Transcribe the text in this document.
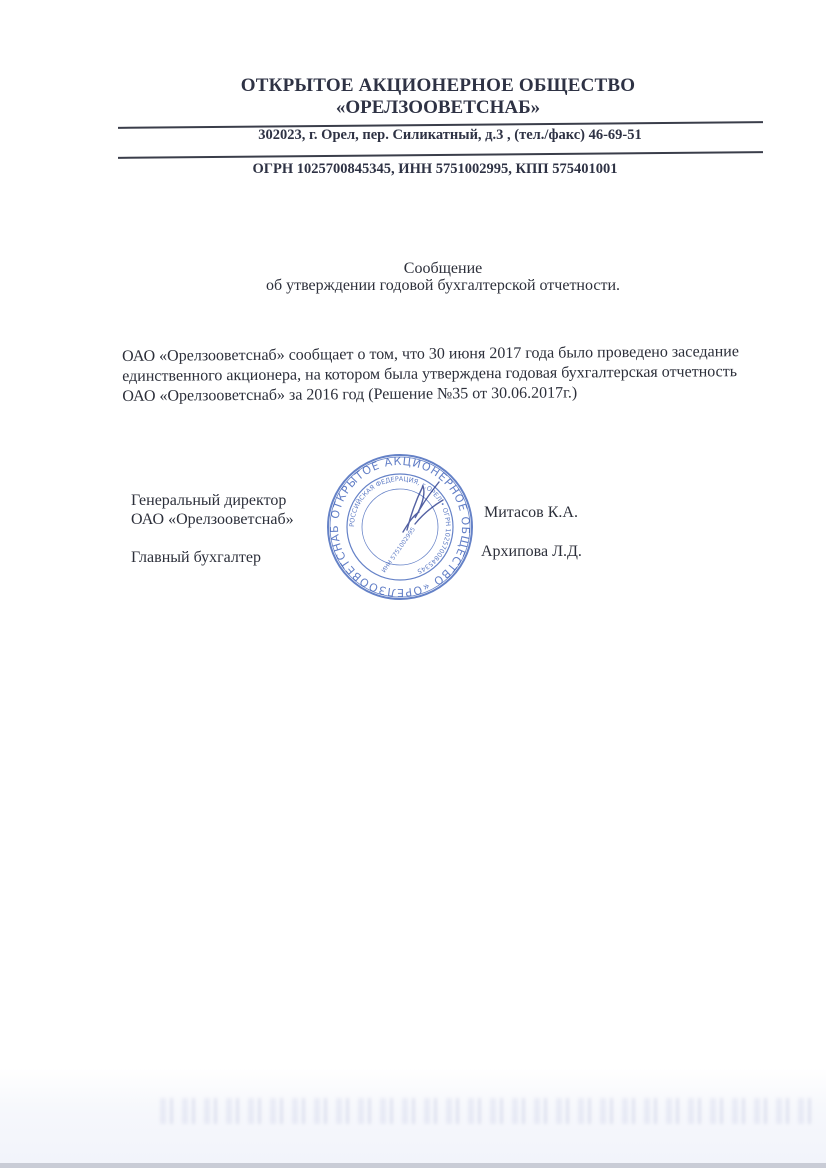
ОТКРЫТОЕ АКЦИОНЕРНОЕ ОБЩЕСТВО
«ОРЕЛЗООВЕТСНАБ»
302023, г. Орел, пер. Силикатный, д.3 , (тел./факс) 46-69-51
ОГРН 1025700845345, ИНН 5751002995, КПП 575401001
Сообщение
об утверждении годовой бухгалтерской отчетности.
ОАО «Орелзооветснаб» сообщает о том, что 30 июня 2017 года было проведено заседание
единственного акционера, на котором была утверждена годовая бухгалтерская отчетность
ОАО «Орелзооветснаб» за 2016 год (Решение №35 от 30.06.2017г.)
Генеральный директор
ОАО «Орелзооветснаб»
Главный бухгалтер
Митасов К.А.
Архипова Л.Д.
ОТКРЫТОЕ АКЦИОНЕРНОЕ ОБЩЕСТВО «ОРЕЛЗООВЕТСНАБ	РОССИЙСКАЯ ФЕДЕРАЦИЯ, г.ОРЕЛ • ОГРН 1025700845345
ИНН 5751002995
